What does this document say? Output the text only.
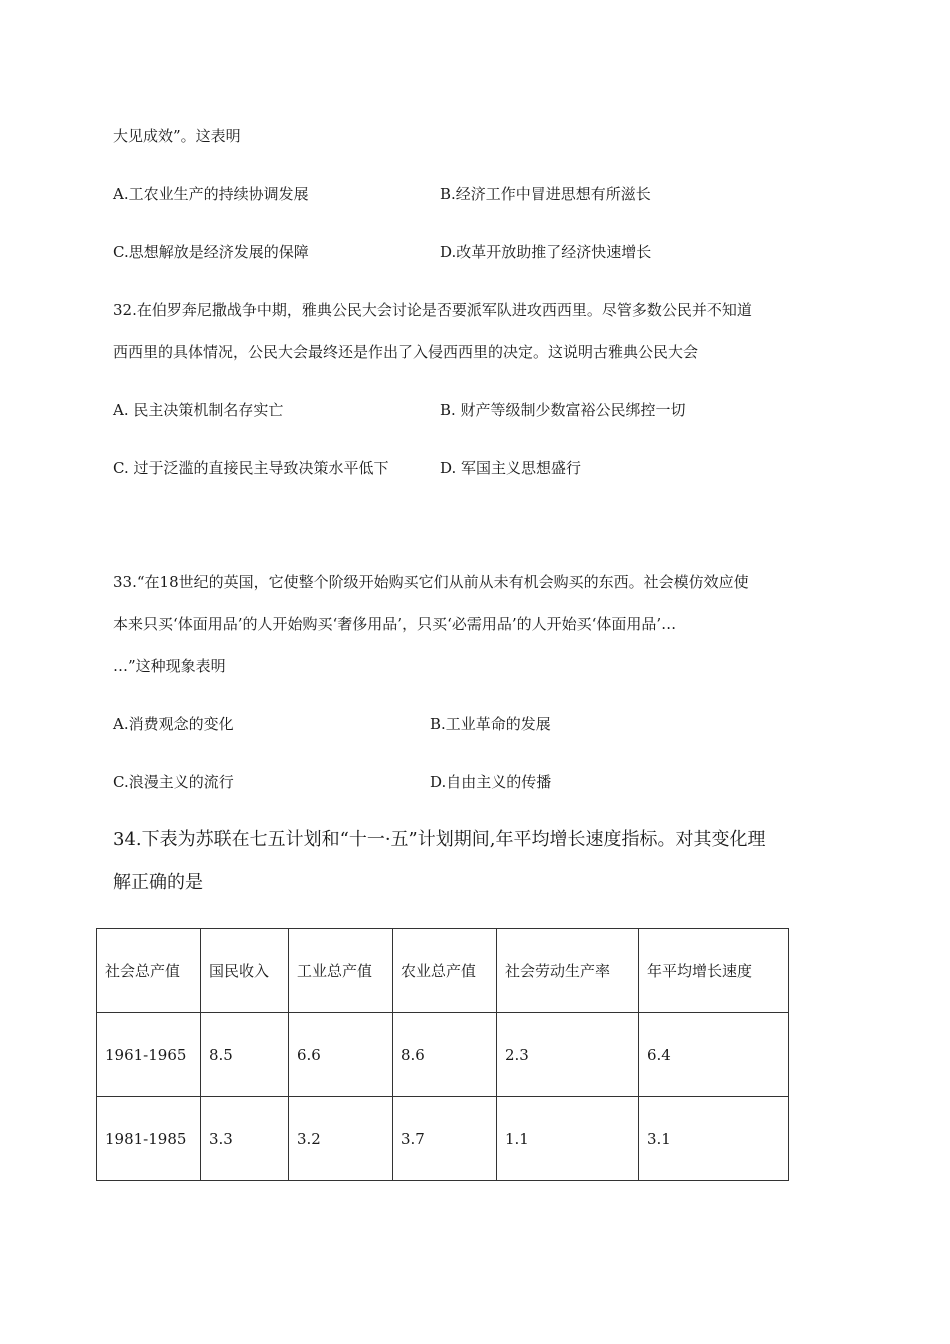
大见成效”。这表明
A.工农业生产的持续协调发展	B.经济工作中冒进思想有所滋长
C.思想解放是经济发展的保障	D.改革开放助推了经济快速增长
32.在伯罗奔尼撒战争中期，雅典公民大会讨论是否要派军队进攻西西里。尽管多数公民并不知道
西西里的具体情况，公民大会最终还是作出了入侵西西里的决定。这说明古雅典公民大会
A. 民主决策机制名存实亡	B. 财产等级制少数富裕公民绑控一切
C. 过于泛滥的直接民主导致决策水平低下	D. 军国主义思想盛行
33.“在18世纪的英国，它使整个阶级开始购买它们从前从未有机会购买的东西。社会模仿效应使
本来只买‘体面用品’的人开始购买‘奢侈用品’，只买‘必需用品’的人开始买‘体面用品’…
…”这种现象表明
A.消费观念的变化	B.工业革命的发展
C.浪漫主义的流行	D.自由主义的传播
34.下表为苏联在七五计划和“十一·五”计划期间,年平均增长速度指标。对其变化理
解正确的是
社会总产值	国民收入	工业总产值	农业总产值	社会劳动生产率	年平均增长速度
1961-1965	8.5	6.6	8.6	2.3	6.4
1981-1985	3.3	3.2	3.7	1.1	3.1
